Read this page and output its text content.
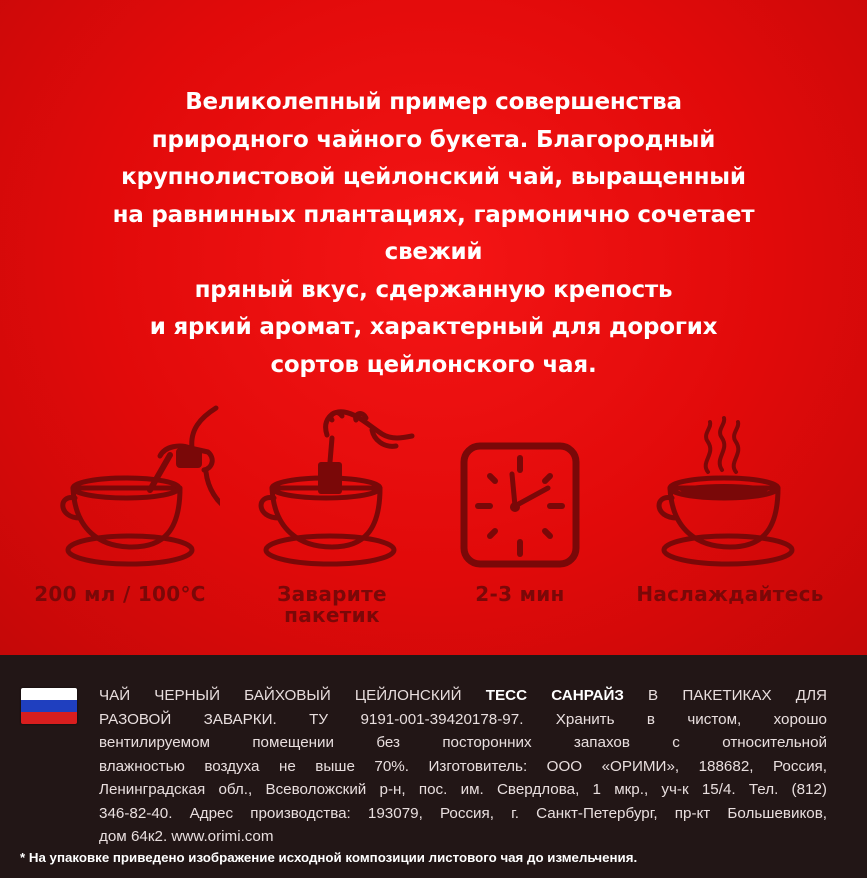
Великолепный пример совершенства
природного чайного букета. Благородный
крупнолистовой цейлонский чай, выращенный
на равнинных плантациях, гармонично сочетает свежий
пряный вкус, сдержанную крепость
и яркий аромат, характерный для дорогих
сортов цейлонского чая.

200 мл / 100°С	Заварите
пакетик
2-3 мин	Наслаждайтесь

ЧАЙ ЧЕРНЫЙ БАЙХОВЫЙ ЦЕЙЛОНСКИЙ ТЕСС САНРАЙЗ В ПАКЕТИКАХ ДЛЯ
РАЗОВОЙ ЗАВАРКИ. ТУ 9191-001-39420178-97. Хранить в чистом, хорошо
вентилируемом помещении без посторонних запахов с относительной
влажностью воздуха не выше 70%. Изготовитель: ООО «ОРИМИ», 188682, Россия,
Ленинградская обл., Всеволожский р-н, пос. им. Свердлова, 1 мкр., уч-к 15/4. Тел. (812)
346-82-40. Адрес производства: 193079, Россия, г. Санкт-Петербург, пр-кт Большевиков,
дом 64к2. www.orimi.com

* На упаковке приведено изображение исходной композиции листового чая до измельчения.
